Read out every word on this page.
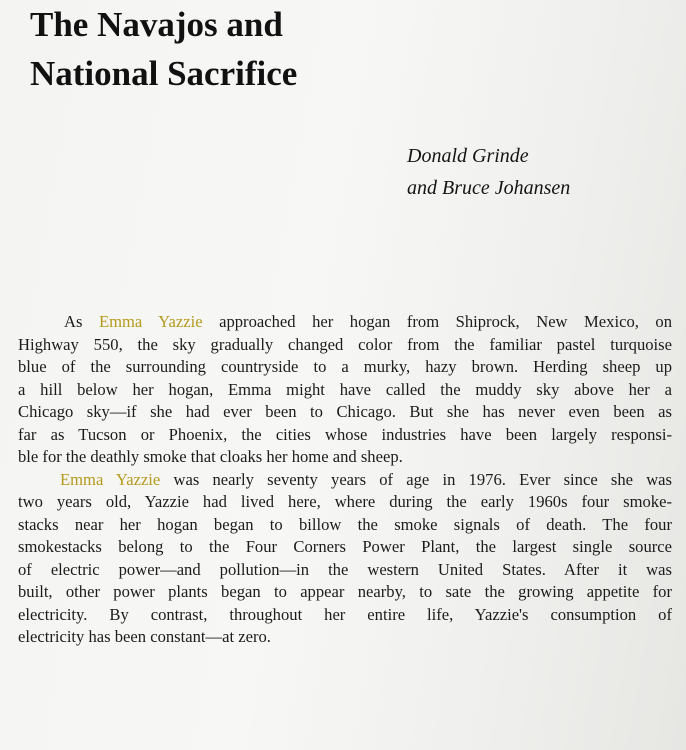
The Navajos and
National Sacrifice
Donald Grinde
and Bruce Johansen
As Emma Yazzie approached her hogan from Shiprock, New Mexico, on
Highway 550, the sky gradually changed color from the familiar pastel turquoise
blue of the surrounding countryside to a murky, hazy brown. Herding sheep up
a hill below her hogan, Emma might have called the muddy sky above her a
Chicago sky—if she had ever been to Chicago. But she has never even been as
far as Tucson or Phoenix, the cities whose industries have been largely responsi-
ble for the deathly smoke that cloaks her home and sheep.
Emma Yazzie was nearly seventy years of age in 1976. Ever since she was
two years old, Yazzie had lived here, where during the early 1960s four smoke-
stacks near her hogan began to billow the smoke signals of death. The four
smokestacks belong to the Four Corners Power Plant, the largest single source
of electric power—and pollution—in the western United States. After it was
built, other power plants began to appear nearby, to sate the growing appetite for
electricity. By contrast, throughout her entire life, Yazzie's consumption of
electricity has been constant—at zero.
